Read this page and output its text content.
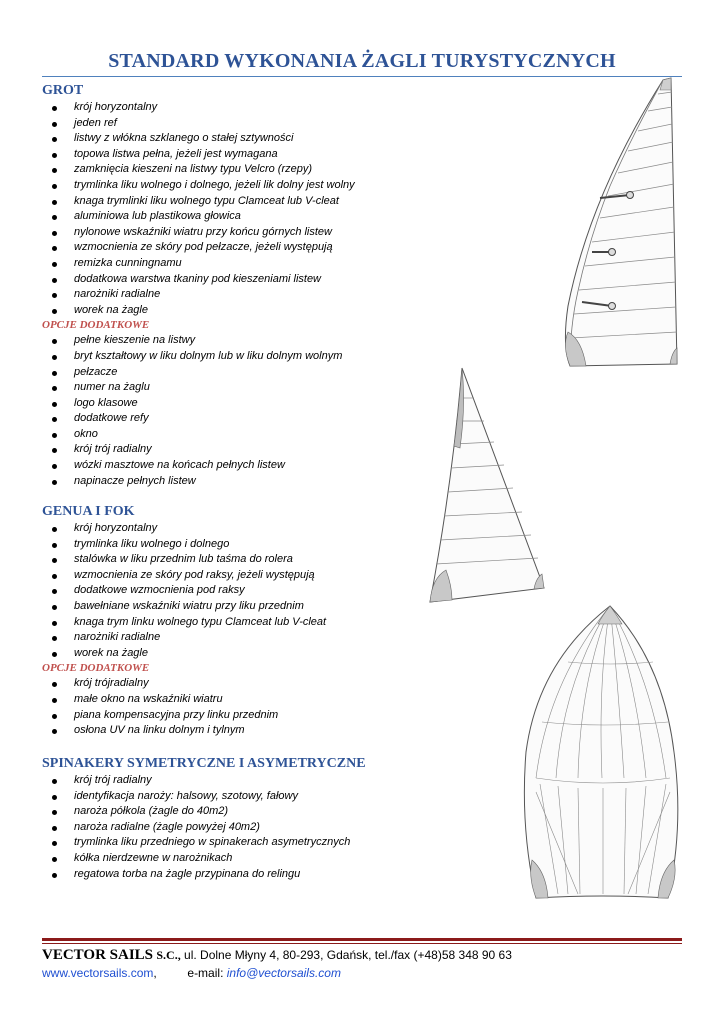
STANDARD WYKONANIA ŻAGLI TURYSTYCZNYCH
GROT
krój horyzontalny
jeden ref
listwy z włókna szklanego o stałej sztywności
topowa listwa pełna, jeżeli jest wymagana
zamknięcia kieszeni na listwy typu Velcro (rzepy)
trymlinka liku wolnego i dolnego, jeżeli lik dolny jest wolny
knaga trymlinki liku wolnego typu Clamceat lub V-cleat
aluminiowa lub plastikowa głowica
nylonowe wskaźniki wiatru przy końcu górnych listew
wzmocnienia ze skóry pod pełzacze, jeżeli występują
remizka cunningnamu
dodatkowa warstwa tkaniny pod kieszeniami listew
narożniki radialne
worek na żagle
OPCJE DODATKOWE
pełne kieszenie na listwy
bryt kształtowy w liku dolnym lub w liku dolnym wolnym
pełzacze
numer na żaglu
logo klasowe
dodatkowe refy
okno
krój trój radialny
wózki masztowe na końcach pełnych listew
napinacze pełnych listew
GENUA I FOK
krój horyzontalny
trymlinka liku wolnego i dolnego
stalówka w liku przednim lub taśma do rolera
wzmocnienia ze skóry pod raksy, jeżeli występują
dodatkowe wzmocnienia pod raksy
bawełniane wskaźniki wiatru przy liku przednim
knaga trym linku wolnego typu Clamceat lub V-cleat
narożniki radialne
worek na żagle
OPCJE DODATKOWE
krój trójradialny
małe okno na wskaźniki wiatru
piana kompensacyjna przy linku przednim
osłona UV na linku dolnym i tylnym
SPINAKERY SYMETRYCZNE I ASYMETRYCZNE
krój trój radialny
identyfikacja naroży: halsowy, szotowy, fałowy
naroża półkola (żagle do 40m2)
naroża radialne (żagle powyżej 40m2)
trymlinka liku przedniego w spinakerach asymetrycznych
kółka nierdzewne w narożnikach
regatowa torba na żagle przypinana do relingu
VECTOR SAILS S.C., ul. Dolne Młyny 4, 80-293, Gdańsk, tel./fax (+48)58 348 90 63
www.vectorsails.com,	e-mail: info@vectorsails.com
